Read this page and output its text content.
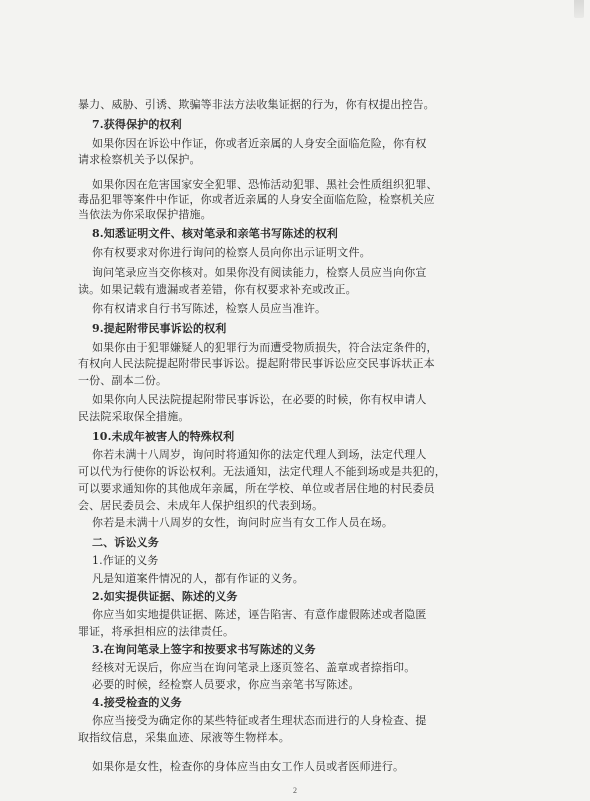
暴力、威胁、引诱、欺骗等非法方法收集证据的行为，你有权提出控告。
7.获得保护的权利
如果你因在诉讼中作证，你或者近亲属的人身安全面临危险，你有权
请求检察机关予以保护。
如果你因在危害国家安全犯罪、恐怖活动犯罪、黑社会性质组织犯罪、
毒品犯罪等案件中作证，你或者近亲属的人身安全面临危险，检察机关应
当依法为你采取保护措施。
8.知悉证明文件、核对笔录和亲笔书写陈述的权利
你有权要求对你进行询问的检察人员向你出示证明文件。
询问笔录应当交你核对。如果你没有阅读能力，检察人员应当向你宣
读。如果记载有遗漏或者差错，你有权要求补充或改正。
你有权请求自行书写陈述，检察人员应当准许。
9.提起附带民事诉讼的权利
如果你由于犯罪嫌疑人的犯罪行为而遭受物质损失，符合法定条件的，
有权向人民法院提起附带民事诉讼。提起附带民事诉讼应交民事诉状正本
一份、副本二份。
如果你向人民法院提起附带民事诉讼，在必要的时候，你有权申请人
民法院采取保全措施。
10.未成年被害人的特殊权利
你若未满十八周岁，询问时将通知你的法定代理人到场，法定代理人
可以代为行使你的诉讼权利。无法通知，法定代理人不能到场或是共犯的，
可以要求通知你的其他成年亲属，所在学校、单位或者居住地的村民委员
会、居民委员会、未成年人保护组织的代表到场。
你若是未满十八周岁的女性，询问时应当有女工作人员在场。
二、诉讼义务
1.作证的义务
凡是知道案件情况的人，都有作证的义务。
2.如实提供证据、陈述的义务
你应当如实地提供证据、陈述，诬告陷害、有意作虚假陈述或者隐匿
罪证，将承担相应的法律责任。
3.在询问笔录上签字和按要求书写陈述的义务
经核对无误后，你应当在询问笔录上逐页签名、盖章或者捺指印。
必要的时候，经检察人员要求，你应当亲笔书写陈述。
4.接受检查的义务
你应当接受为确定你的某些特征或者生理状态而进行的人身检查、提
取指纹信息，采集血迹、尿液等生物样本。
如果你是女性，检查你的身体应当由女工作人员或者医师进行。
2
